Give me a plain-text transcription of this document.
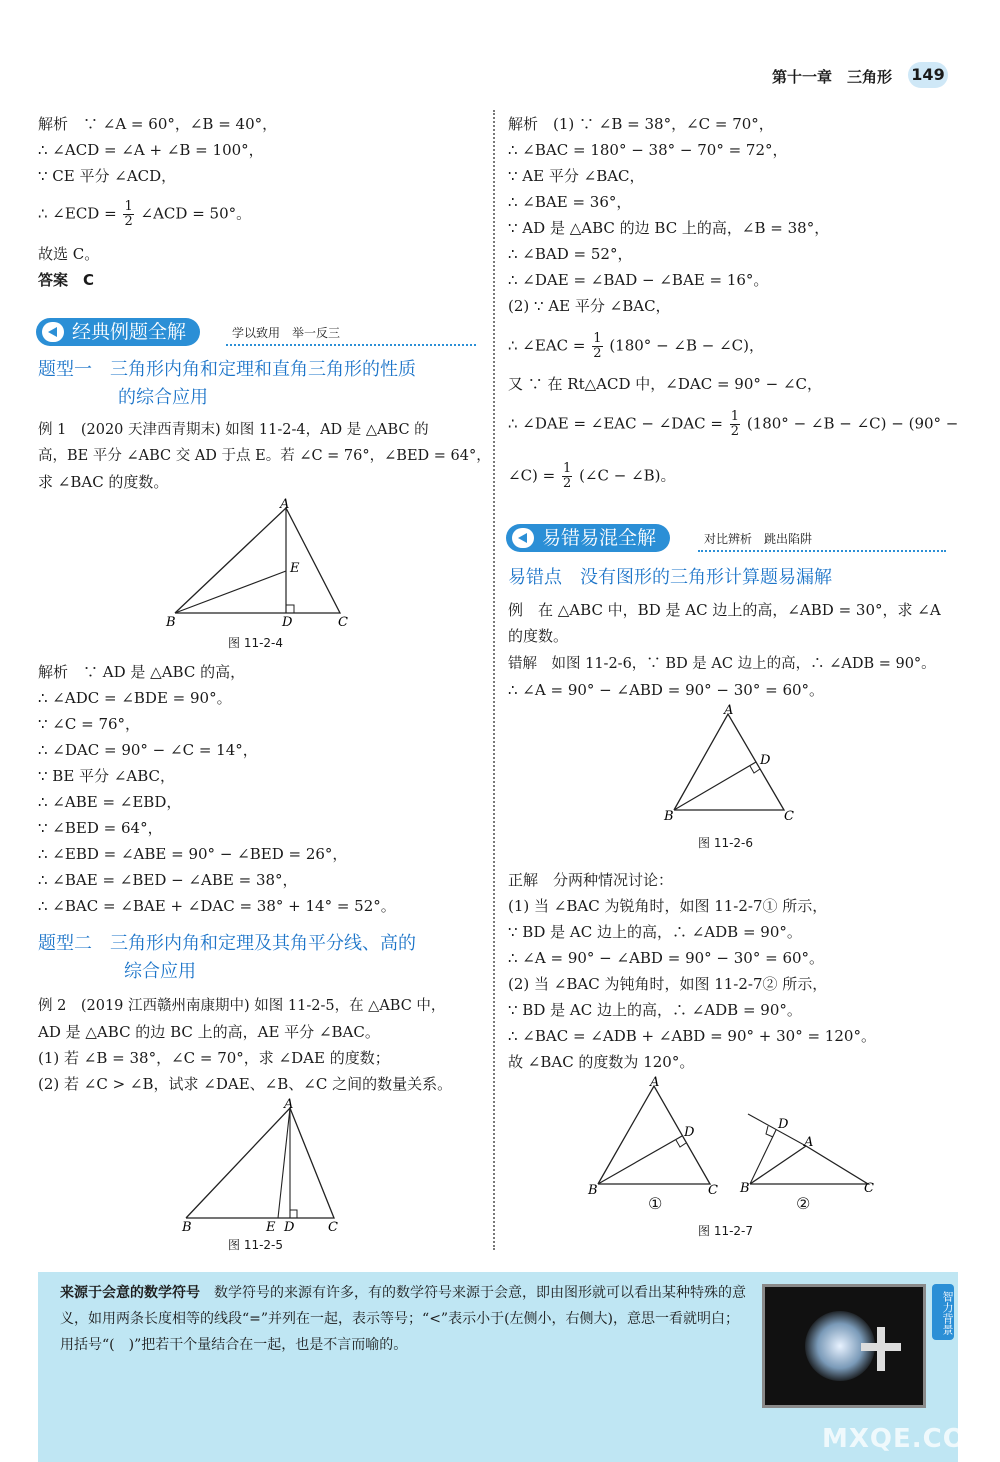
第十一章　三角形 149
解析　∵ ∠A = 60°，∠B = 40°，
∴ ∠ACD = ∠A + ∠B = 100°，
∵ CE 平分 ∠ACD，
∴ ∠ECD = $\frac{1}{2}$ ∠ACD = 50°。
故选 C。
答案　C
经典例题全解	学以致用　举一反三
题型一　三角形内角和定理和直角三角形的性质
的综合应用
例 1　(2020 天津西青期末) 如图 11-2-4，AD 是 △ABC 的
高，BE 平分 ∠ABC 交 AD 于点 E。若 ∠C = 76°，∠BED = 64°，
求 ∠BAC 的度数。
A
B	C
D
E
图 11-2-4
解析　∵ AD 是 △ABC 的高，
∴ ∠ADC = ∠BDE = 90°。
∵ ∠C = 76°，
∴ ∠DAC = 90° − ∠C = 14°，
∵ BE 平分 ∠ABC，
∴ ∠ABE = ∠EBD，
∵ ∠BED = 64°，
∴ ∠EBD = ∠ABE = 90° − ∠BED = 26°，
∴ ∠BAE = ∠BED − ∠ABE = 38°，
∴ ∠BAC = ∠BAE + ∠DAC = 38° + 14° = 52°。
题型二　三角形内角和定理及其角平分线、高的
综合应用
例 2　(2019 江西赣州南康期中) 如图 11-2-5，在 △ABC 中，
AD 是 △ABC 的边 BC 上的高，AE 平分 ∠BAC。
(1) 若 ∠B = 38°，∠C = 70°，求 ∠DAE 的度数；
(2) 若 ∠C > ∠B，试求 ∠DAE、∠B、∠C 之间的数量关系。
A
B	C
E D
图 11-2-5
解析　(1) ∵ ∠B = 38°，∠C = 70°，
∴ ∠BAC = 180° − 38° − 70° = 72°，
∵ AE 平分 ∠BAC，
∴ ∠BAE = 36°，
∵ AD 是 △ABC 的边 BC 上的高，∠B = 38°，
∴ ∠BAD = 52°，
∴ ∠DAE = ∠BAD − ∠BAE = 16°。
(2) ∵ AE 平分 ∠BAC，
∴ ∠EAC = $\frac{1}{2} (180^\circ$ − ∠B − ∠C)，
又 ∵ 在 Rt△ACD 中，∠DAC = 90° − ∠C，
∴ ∠DAE = ∠EAC − ∠DAC = $\frac{1}{2} (180^\circ$ − ∠B − ∠C) − (90° −
∠C) = $\frac{1}{2}$ (∠C − ∠B)。
易错易混全解	对比辨析　跳出陷阱
易错点　没有图形的三角形计算题易漏解
例　在 △ABC 中，BD 是 AC 边上的高，∠ABD = 30°，求 ∠A
的度数。
错解　如图 11-2-6，∵ BD 是 AC 边上的高，∴ ∠ADB = 90°。
∴ ∠A = 90° − ∠ABD = 90° − 30° = 60°。
A
B	C
D
图 11-2-6
正解　分两种情况讨论：
(1) 当 ∠BAC 为锐角时，如图 11-2-7① 所示，
∵ BD 是 AC 边上的高，∴ ∠ADB = 90°。
∴ ∠A = 90° − ∠ABD = 90° − 30° = 60°。
(2) 当 ∠BAC 为钝角时，如图 11-2-7② 所示，
∵ BD 是 AC 边上的高，∴ ∠ADB = 90°。
∴ ∠BAC = ∠ADB + ∠ABD = 90° + 30° = 120°。
故 ∠BAC 的度数为 120°。
A
B	C
D
A
B	C
D
①	②
图 11-2-7
来源于会意的数学符号　数学符号的来源有许多，有的数学符号来源于会意，即由图形就可以看出某种特殊的意义，如用两条长度相等的线段“=”并列在一起，表示等号；“<”表示小于(左侧小，右侧大)，意思一看就明白；用括号“(　)”把若干个量结合在一起，也是不言而喻的。
智力背景
MXQE.COM
